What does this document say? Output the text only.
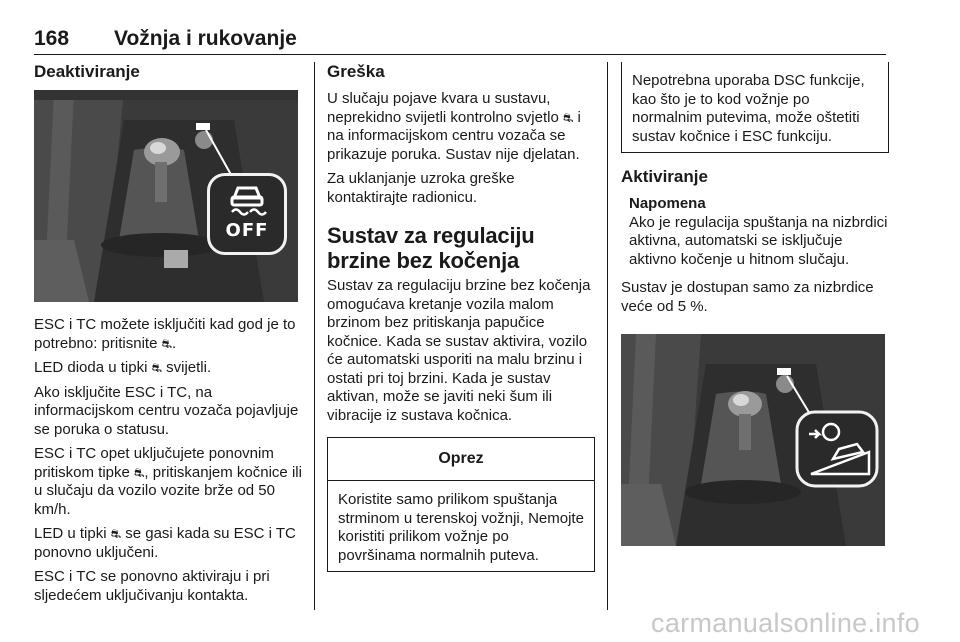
168 Vožnja i rukovanje
Deaktiviranje
OFF

ESC i TC možete isključiti kad god je to potrebno: pritisnite ⛐.

LED dioda u tipki ⛐ svijetli.

Ako isključite ESC i TC, na informacijskom centru vozača pojavljuje se poruka o statusu.

ESC i TC opet uključujete ponovnim pritiskom tipke ⛐, pritiskanjem kočnice ili u slučaju da vozilo vozite brže od 50 km/h.

LED u tipki ⛐ se gasi kada su ESC i TC ponovno uključeni.

ESC i TC se ponovno aktiviraju i pri sljedećem uključivanju kontakta.

Greška

U slučaju pojave kvara u sustavu, neprekidno svijetli kontrolno svjetlo ⛐ i na informacijskom centru vozača se prikazuje poruka. Sustav nije djelatan.

Za uklanjanje uzroka greške kontaktirajte radionicu.

Sustav za regulaciju brzine bez kočenja

Sustav za regulaciju brzine bez kočenja omogućava kretanje vozila malom brzinom bez pritiskanja papučice kočnice. Kada se sustav aktivira, vozilo će automatski usporiti na malu brzinu i ostati pri toj brzini. Kada je sustav aktivan, može se javiti neki šum ili vibracije iz sustava kočnica.

Oprez
Koristite samo prilikom spuštanja strminom u terenskoj vožnji, Nemojte koristiti prilikom vožnje po površinama normalnih puteva.
Nepotrebna uporaba DSC funkcije, kao što je to kod vožnje po normalnim putevima, može oštetiti sustav kočnice i ESC funkciju.
Aktiviranje
Napomena
Ako je regulacija spuštanja na nizbrdici aktivna, automatski se isključuje aktivno kočenje u hitnom slučaju.

Sustav je dostupan samo za nizbrdice veće od 5 %.

carmanualsonline.info
